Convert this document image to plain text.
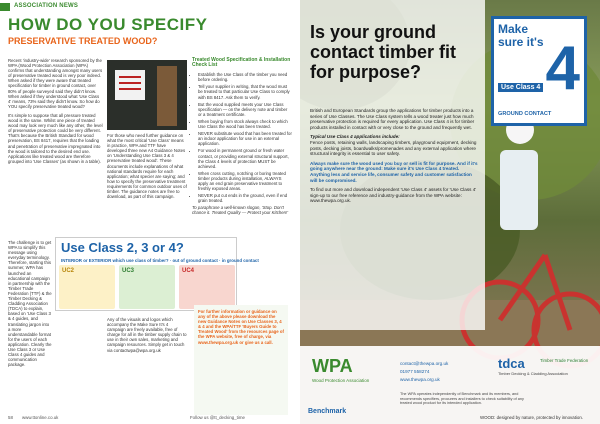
ASSOCIATION NEWS
HOW DO YOU SPECIFY
PRESERVATIVE TREATED WOOD?

Recent 'industry-wide' research sponsored by the WPA (Wood Protection Association (WPA) confirms that understanding amongst many users of preservative treated wood is very poor indeed. When asked if they were aware that treated specification for timber in ground contact, over 80% of people surveyed said they didn't know. When asked if they understood what 'Use Class 4' means, 73% said they didn't know. So how do YOU specify preservative treated wood?

It's simple to suppose that all pressure treated wood is the same. Whilst one piece of treated wood may look very much like any other, the level of preservative protection could be very different. That's because the British Standard for wood preservation, BS 8417, requires that the loading and penetration of preservative impregnated into the wood is tailored to the desired end use. Applications like treated wood are therefore grouped into 'Use Classes' (as shown in a table).

The challenge is to get WPA to simplify this message using everyday terminology. Therefore, starting this summer, WPA has launched an educational campaign in partnership with the Timber Trade Federation (TTF) & the Timber Decking & Cladding Association (TDCA) to explain, based on 'Use Class 3 & 4 guides, and translating jargon into a more understandable format for the users of each application. Clearly the Use Class 3 or Use Class 4 guides and communication package.

For those who need further guidance on what the most critical 'Use Class' means in practice, WPA and TTF have developed three new A4 Guidance Notes on 'Understanding Use Class 3 & 4 preservative treated wood'. These documents include explanations of what national standards require for each application; what specier are saying; and how to specify the preservative treatment requirements for common outdoor uses of timber. The guidance notes are free to download, as part of this campaign.

Any of the visuals and logos which accompany the Make Sure It's 4 campaign are freely available, free of charge for all in the timber supply chain to use in their own sales, marketing and campaign resources. Simply get in touch via contactwpa@wpa.org.uk

Treated Wood Specification & Installation Check List

• Establish the Use Class of the timber you need before ordering.
• Tell your supplier in writing, that the wood must be treated to that particular Use Class to comply with BS 8417. Ask them to verify.
• But the wood supplied meets your Use Class specification — on the delivery note and timber or a treatment certificate.
• When buying from stock always check to which Use Class the wood has been treated.
• NEVER substitute wood that has been treated for an indoor application for use in an external application.
• For wood in permanent ground or fresh water contact, or providing external structural support, the Class 4 levels of protection MUST be achieved.
• When cross cutting, notching or boring treated timber products during installation, ALWAYS apply an end grain preservative treatment to freshly exposed areas.
• NEVER put cut ends in the ground, even if end grain treated.

To paraphrase a well-known slogan, 'Stop. Don't chance it. Treated Quality — Protect your Kitchen!'

Use Class 2, 3 or 4?
INTERIOR or EXTERIOR which use class of timber? · out of ground contact · in ground contact
UC2	UC3	UC4

For further information or guidance on any of the above please download the new Guidance Notes on Use Classes 3, 4 & 4 and the WPA/TTF 'Buyers Guide to Treated Wood' from the resources page of the WPA website, free of charge, via www.thewpa.org.uk or give us a call.

58 www.ttonline.co.uk	Follow us @tt_decking_time
Is your ground contact timber fit for purpose?

British and European Standards group the applications for timber products into a series of Use Classes. The Use Class system tells a wood treater just how much preservative protection is required for every application. Use Class 4 is for timber products installed in contact with or very close to the ground and frequently wet.

Typical Use Class 4 applications include:

Fence posts, retaining walls, landscaping timbers, playground equipment, decking posts, decking joists, boardwalks/promenades and any external application where structural integrity is essential to user safety.

Always make sure the wood used you buy or sell is fit for purpose. And if it's going anywhere near the ground: Make sure it's Use Class 4 treated.

Anything less and service life, consumer safety and customer satisfaction will be compromised.

To find out more and download independent 'Use Class 4' assets for 'Use Class 4' sign-up to our free reference and industry-guidance from the WPA website: www.thewpa.org.uk.

Make sure it's 4
Use Class 4
GROUND CONTACT
WPA
Wood Protection Association
Benchmark
contact@thewpa.org.uk
01977 558274
www.thewpa.org.uk
tdca	Timber Trade Federation
Timber Decking & Cladding Association
The WPA operates independently of Benchmark and its members, and recommends specifiers, procurers and installers to check suitability of any treated wood product for its intended application.
WOOD: designed by nature, protected by innovation.
